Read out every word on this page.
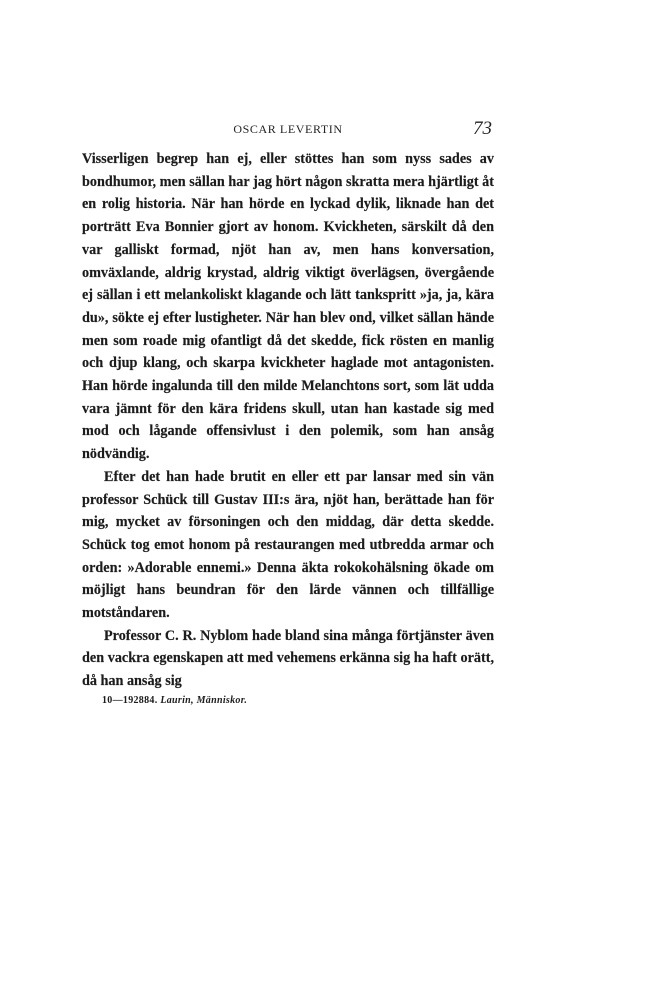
OSCAR LEVERTIN	73

Visserligen begrep han ej, eller stöttes han som nyss sades av bondhumor, men sällan har jag hört någon skratta mera hjärtligt åt en rolig historia. När han hörde en lyckad dylik, liknade han det porträtt Eva Bonnier gjort av honom. Kvickheten, särskilt då den var galliskt formad, njöt han av, men hans konversation, omväxlande, aldrig krystad, aldrig viktigt överlägsen, övergående ej sällan i ett melankoliskt klagande och lätt tankspritt »ja, ja, kära du», sökte ej efter lustigheter. När han blev ond, vilket sällan hände men som roade mig ofantligt då det skedde, fick rösten en manlig och djup klang, och skarpa kvickheter haglade mot antagonisten. Han hörde ingalunda till den milde Melanchtons sort, som lät udda vara jämnt för den kära fridens skull, utan han kastade sig med mod och lågande offensivlust i den polemik, som han ansåg nödvändig.

Efter det han hade brutit en eller ett par lansar med sin vän professor Schück till Gustav III:s ära, njöt han, berättade han för mig, mycket av försoningen och den middag, där detta skedde. Schück tog emot honom på restaurangen med utbredda armar och orden: »Adorable ennemi.» Denna äkta rokokohälsning ökade om möjligt hans beundran för den lärde vännen och tillfällige motståndaren.

Professor C. R. Nyblom hade bland sina många förtjänster även den vackra egenskapen att med vehemens erkänna sig ha haft orätt, då han ansåg sig

10—192884. Laurin, Människor.
